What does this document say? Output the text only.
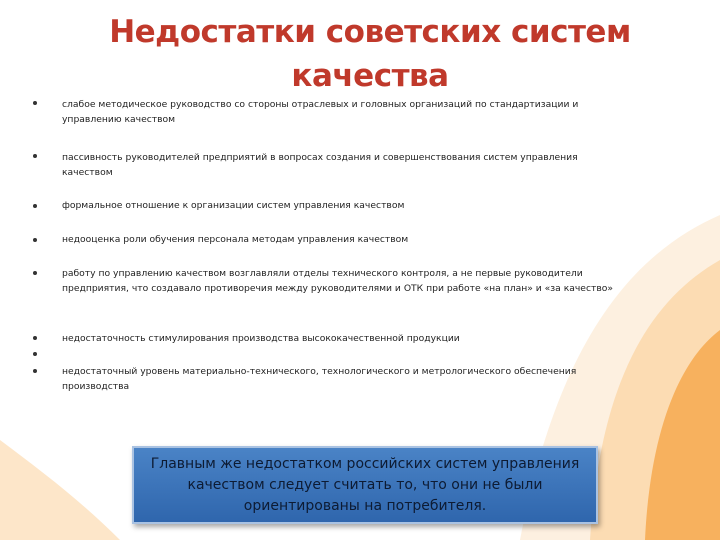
Недостатки советских систем качества
слабое методическое руководство со стороны отраслевых и головных организаций по стандартизации и управлению качеством
пассивность руководителей предприятий в вопросах создания и совершенствования систем управления качеством
формальное отношение к организации систем управления качеством
недооценка роли обучения персонала методам управления качеством
работу по управлению качеством возглавляли отделы технического контроля, а не первые руководители предприятия, что создавало противоречия между руководителями и ОТК при работе «на план» и «за качество»
недостаточность стимулирования производства высококачественной продукции
недостаточный уровень материально-технического, технологического и метрологического обеспечения производства
Главным же недостатком российских систем управления качеством следует считать то, что они не были ориентированы на потребителя.
